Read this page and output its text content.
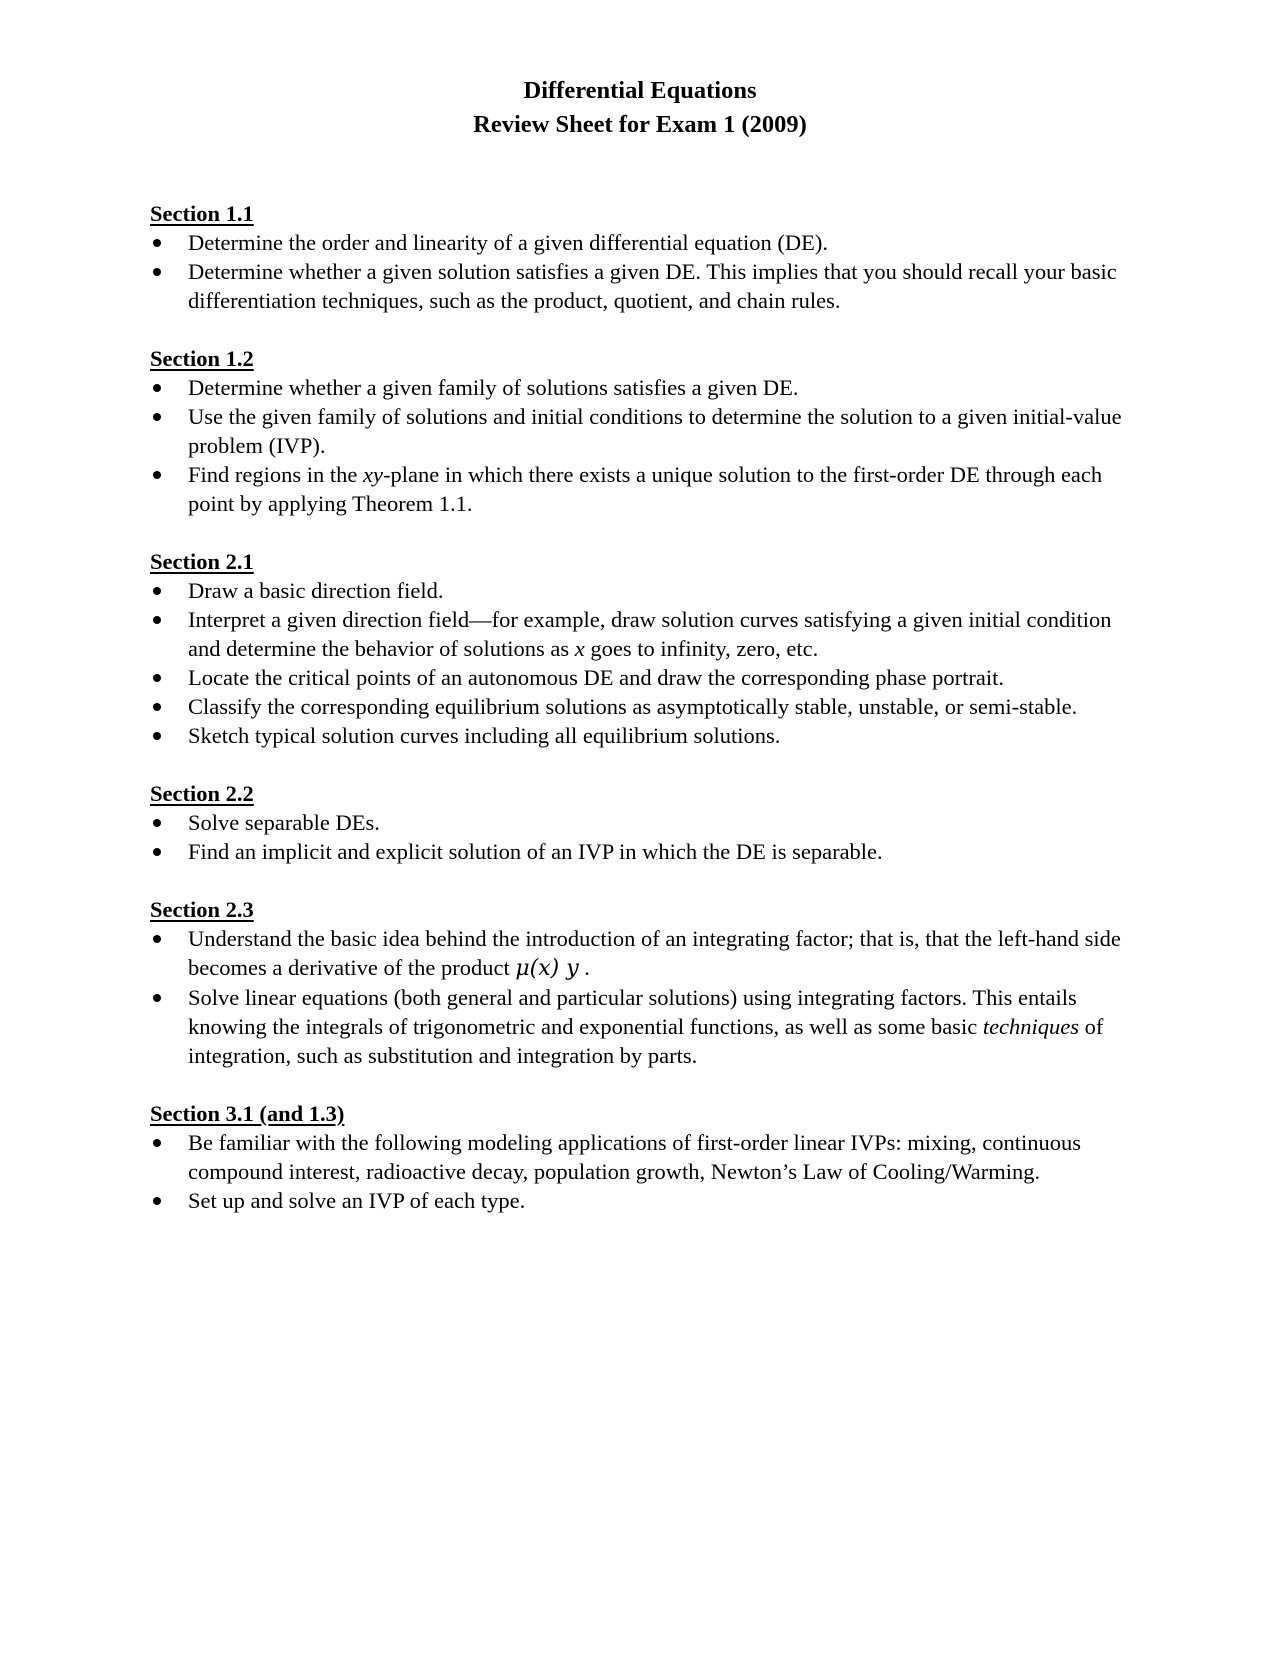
Differential Equations
Review Sheet for Exam 1 (2009)

Section 1.1

Determine the order and linearity of a given differential equation (DE).
Determine whether a given solution satisfies a given DE. This implies that you should recall your basic differentiation techniques, such as the product, quotient, and chain rules.

Section 1.2

Determine whether a given family of solutions satisfies a given DE.
Use the given family of solutions and initial conditions to determine the solution to a given initial-value problem (IVP).
Find regions in the xy-plane in which there exists a unique solution to the first-order DE through each point by applying Theorem 1.1.

Section 2.1

Draw a basic direction field.
Interpret a given direction field—for example, draw solution curves satisfying a given initial condition and determine the behavior of solutions as x goes to infinity, zero, etc.
Locate the critical points of an autonomous DE and draw the corresponding phase portrait.
Classify the corresponding equilibrium solutions as asymptotically stable, unstable, or semi-stable.
Sketch typical solution curves including all equilibrium solutions.

Section 2.2

Solve separable DEs.
Find an implicit and explicit solution of an IVP in which the DE is separable.

Section 2.3

Understand the basic idea behind the introduction of an integrating factor; that is, that the left-hand side becomes a derivative of the product μ(x) y .
Solve linear equations (both general and particular solutions) using integrating factors. This entails knowing the integrals of trigonometric and exponential functions, as well as some basic techniques of integration, such as substitution and integration by parts.

Section 3.1 (and 1.3)

Be familiar with the following modeling applications of first-order linear IVPs: mixing, continuous compound interest, radioactive decay, population growth, Newton’s Law of Cooling/Warming.
Set up and solve an IVP of each type.
